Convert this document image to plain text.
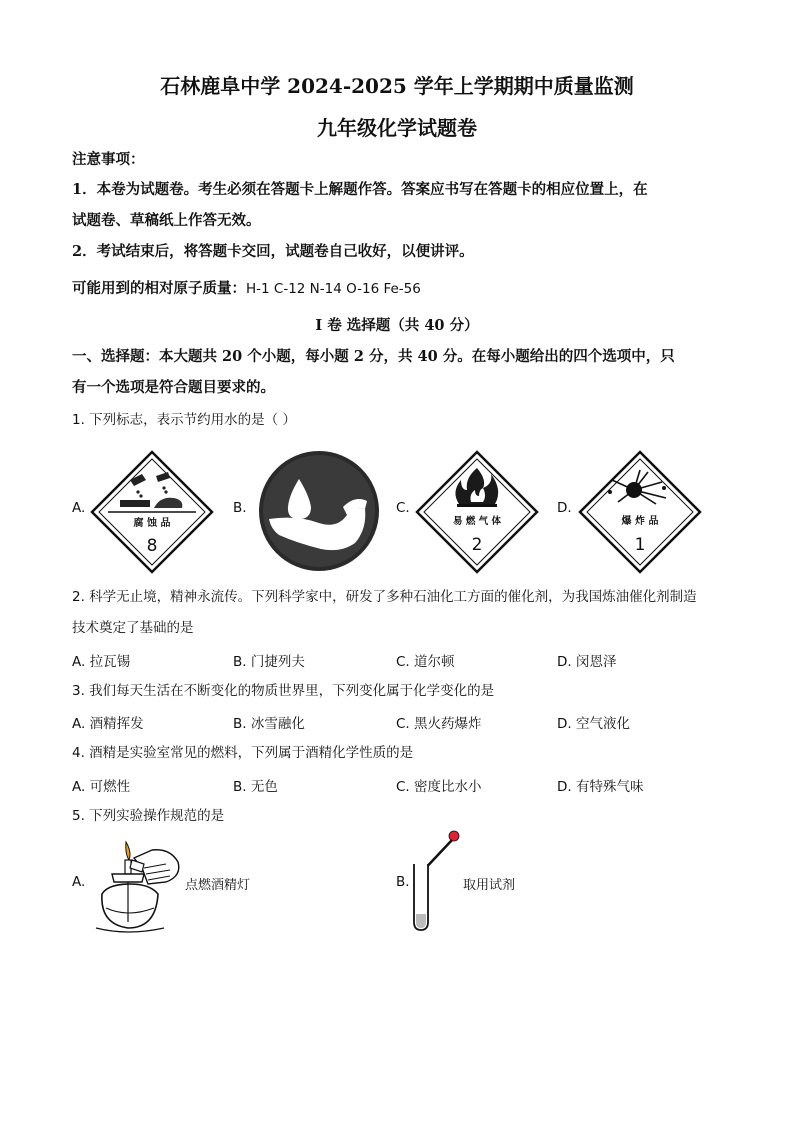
石林鹿阜中学 2024-2025 学年上学期期中质量监测
九年级化学试题卷
注意事项：
1．本卷为试题卷。考生必须在答题卡上解题作答。答案应书写在答题卡的相应位置上，在
试题卷、草稿纸上作答无效。
2．考试结束后，将答题卡交回，试题卷自己收好，以便讲评。
可能用到的相对原子质量：H-1 C-12 N-14 O-16 Fe-56
I 卷 选择题（共 40 分）
一、选择题：本大题共 20 个小题，每小题 2 分，共 40 分。在每小题给出的四个选项中，只
有一个选项是符合题目要求的。
1. 下列标志，表示节约用水的是（ ）
A.
腐 蚀 品
8
B.	C.
易 燃 气 体
2
D.
爆 炸 品
1
2. 科学无止境，精神永流传。下列科学家中，研发了多种石油化工方面的催化剂，为我国炼油催化剂制造
技术奠定了基础的是
A. 拉瓦锡	B. 门捷列夫	C. 道尔顿	D. 闵恩泽
3. 我们每天生活在不断变化的物质世界里，下列变化属于化学变化的是
A. 酒精挥发	B. 冰雪融化	C. 黑火药爆炸	D. 空气液化
4. 酒精是实验室常见的燃料，下列属于酒精化学性质的是
A. 可燃性	B. 无色	C. 密度比水小	D. 有特殊气味
5. 下列实验操作规范的是
A.	点燃酒精灯	B.	取用试剂
